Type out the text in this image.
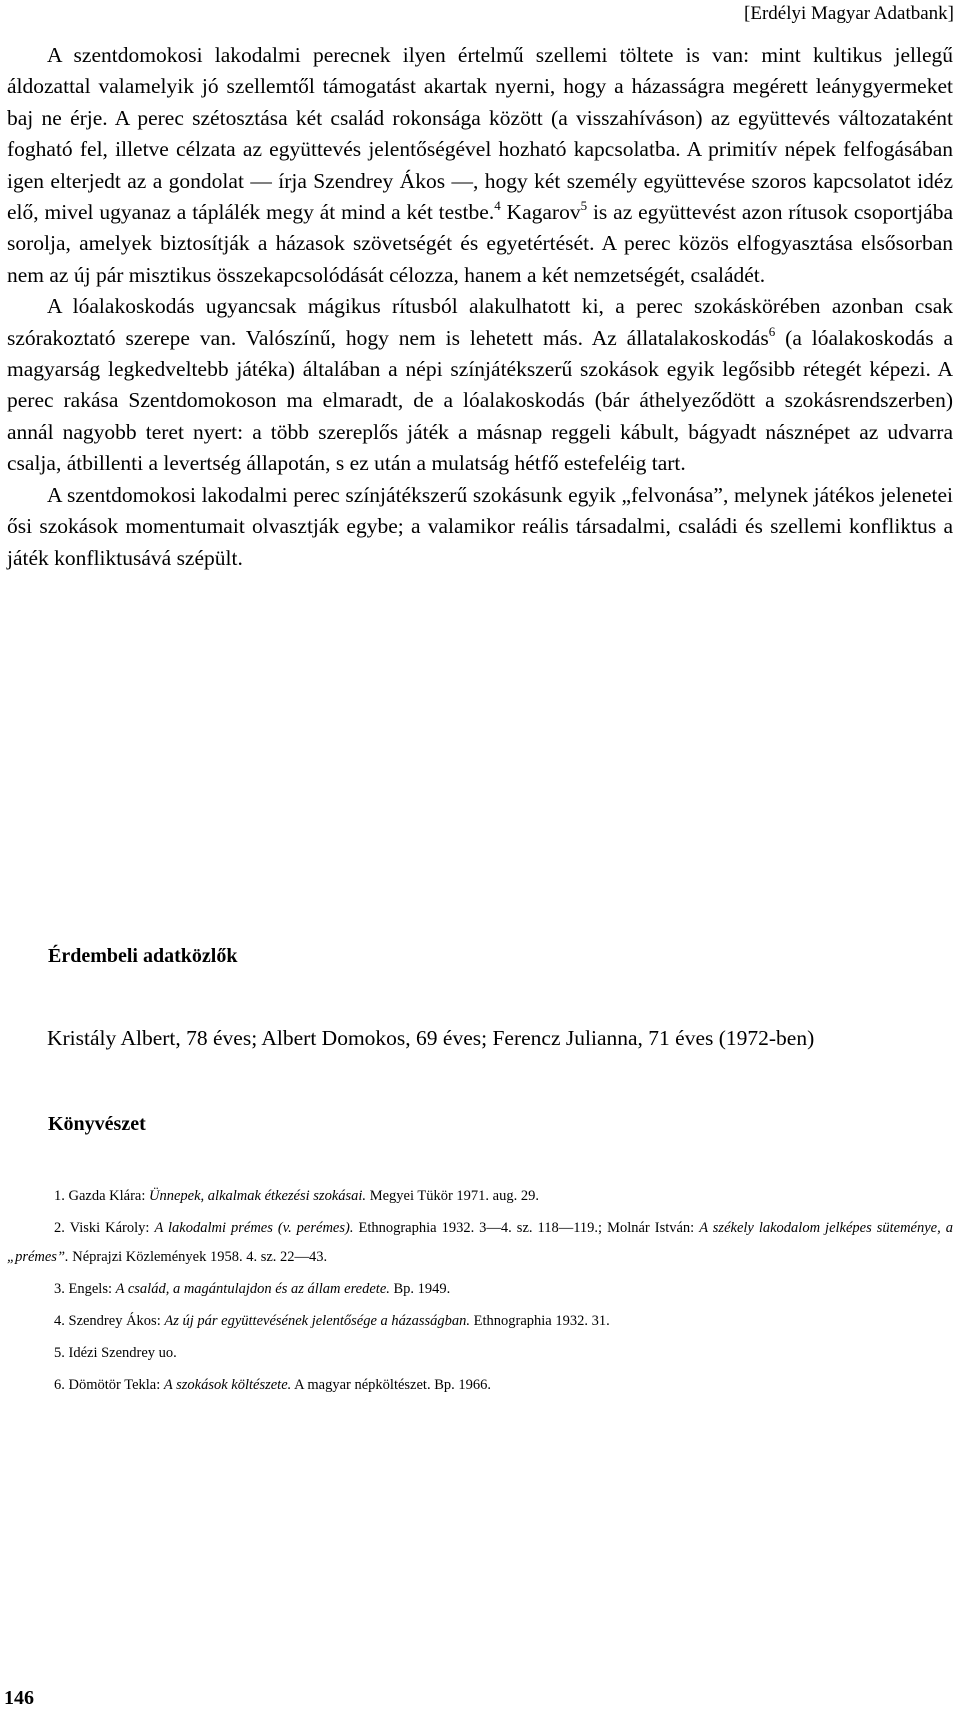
[Erdélyi Magyar Adatbank]

A szentdomokosi lakodalmi perecnek ilyen értelmű szellemi töltete is van: mint kultikus jellegű áldozattal valamelyik jó szellemtől támogatást akartak nyerni, hogy a házasságra megérett leánygyermeket baj ne érje. A perec szétosztása két család rokonsága között (a visszahíváson) az együttevés változataként fogható fel, illetve célzata az együttevés jelentőségével hozható kapcsolatba. A primitív népek felfogásában igen elterjedt az a gondolat — írja Szendrey Ákos —, hogy két személy együttevése szoros kapcsolatot idéz elő, mivel ugyanaz a táplálék megy át mind a két testbe.$^4$ Kagarov$^5$ is az együttevést azon rítusok csoportjába sorolja, amelyek biztosítják a házasok szövetségét és egyetértését. A perec közös elfogyasztása elsősorban nem az új pár misztikus összekapcsolódását célozza, hanem a két nemzetségét, családét.

A lóalakoskodás ugyancsak mágikus rítusból alakulhatott ki, a perec szokáskörében azonban csak szórakoztató szerepe van. Valószínű, hogy nem is lehetett más. Az állatalakoskodás$^6$ (a lóalakoskodás a magyarság legkedveltebb játéka) általában a népi színjátékszerű szokások egyik legősibb rétegét képezi. A perec rakása Szentdomokoson ma elmaradt, de a lóalakoskodás (bár áthelyeződött a szokásrendszerben) annál nagyobb teret nyert: a több szereplős játék a másnap reggeli kábult, bágyadt násznépet az udvarra csalja, átbillenti a levertség állapotán, s ez után a mulatság hétfő estefeléig tart.

A szentdomokosi lakodalmi perec színjátékszerű szokásunk egyik „felvonása”, melynek játékos jelenetei ősi szokások momentumait olvasztják egybe; a valamikor reális társadalmi, családi és szellemi konfliktus a játék konfliktusává szépült.

Érdembeli adatközlők

Kristály Albert, 78 éves; Albert Domokos, 69 éves; Ferencz Julianna, 71 éves (1972-ben)

Könyvészet
1. Gazda Klára: Ünnepek, alkalmak étkezési szokásai. Megyei Tükör 1971. aug. 29.
2. Viski Károly: A lakodalmi prémes (v. perémes). Ethnographia 1932. 3—4. sz. 118—119.; Molnár István: A székely lakodalom jelképes süteménye, a „prémes”. Néprajzi Közlemények 1958. 4. sz. 22—43.
3. Engels: A család, a magántulajdon és az állam eredete. Bp. 1949.
4. Szendrey Ákos: Az új pár együttevésének jelentősége a házasságban. Ethnographia 1932. 31.
5. Idézi Szendrey uo.
6. Dömötör Tekla: A szokások költészete. A magyar népköltészet. Bp. 1966.
146
